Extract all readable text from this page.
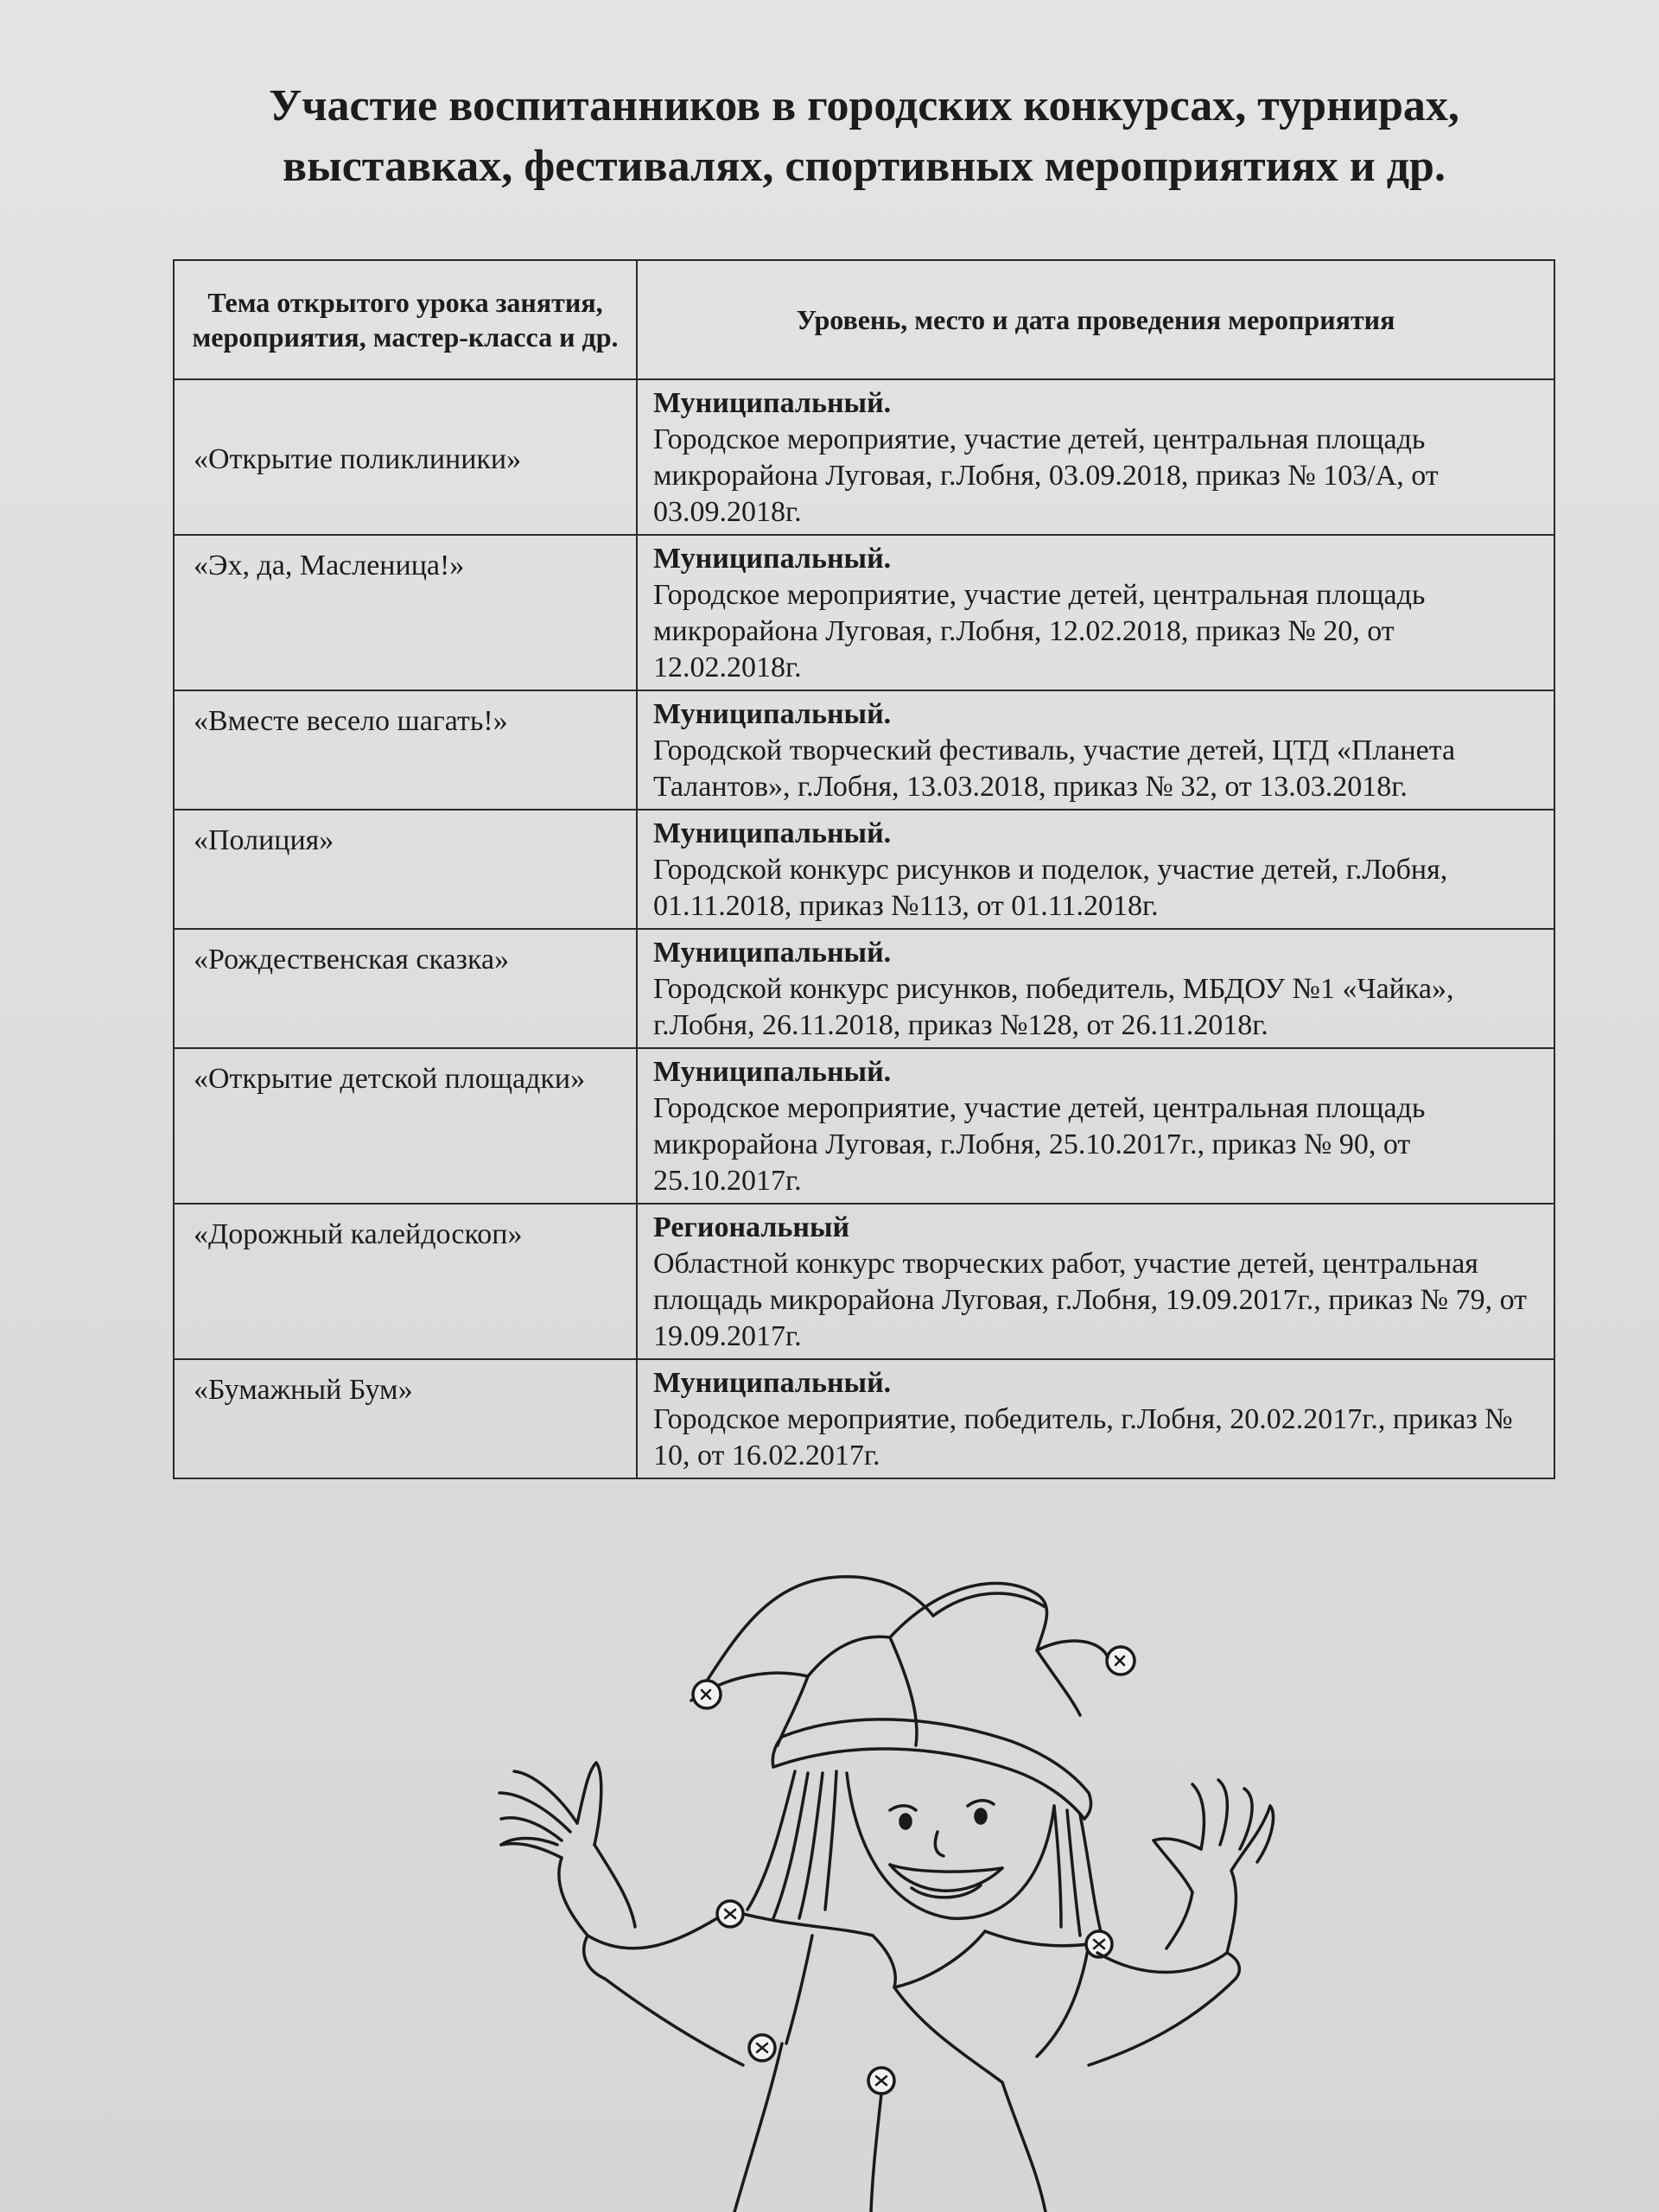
Участие воспитанников в городских конкурсах, турнирах,
выставках, фестивалях, спортивных мероприятиях и др.
Тема открытого урока занятия, мероприятия, мастер-класса и др.	Уровень, место и дата проведения мероприятия
«Открытие поликлиники»	Муниципальный.
Городское мероприятие, участие детей, центральная площадь микрорайона Луговая, г.Лобня, 03.09.2018, приказ № 103/А, от 03.09.2018г.

«Эх, да, Масленица!»	Муниципальный.
Городское мероприятие, участие детей, центральная площадь микрорайона Луговая, г.Лобня, 12.02.2018, приказ № 20, от 12.02.2018г.

«Вместе весело шагать!»	Муниципальный.
Городской творческий фестиваль, участие детей, ЦТД «Планета Талантов», г.Лобня, 13.03.2018, приказ № 32, от 13.03.2018г.

«Полиция»	Муниципальный.
Городской конкурс рисунков и поделок, участие детей, г.Лобня, 01.11.2018, приказ №113, от 01.11.2018г.

«Рождественская сказка»	Муниципальный.
Городской конкурс рисунков, победитель, МБДОУ №1 «Чайка», г.Лобня, 26.11.2018, приказ №128, от 26.11.2018г.

«Открытие детской площадки»	Муниципальный.
Городское мероприятие, участие детей, центральная площадь микрорайона Луговая, г.Лобня, 25.10.2017г., приказ № 90, от 25.10.2017г.

«Дорожный калейдоскоп»	Региональный
Областной конкурс творческих работ, участие детей, центральная площадь микрорайона Луговая, г.Лобня, 19.09.2017г., приказ № 79, от 19.09.2017г.

«Бумажный Бум»	Муниципальный.
Городское мероприятие, победитель, г.Лобня, 20.02.2017г., приказ № 10, от 16.02.2017г.
